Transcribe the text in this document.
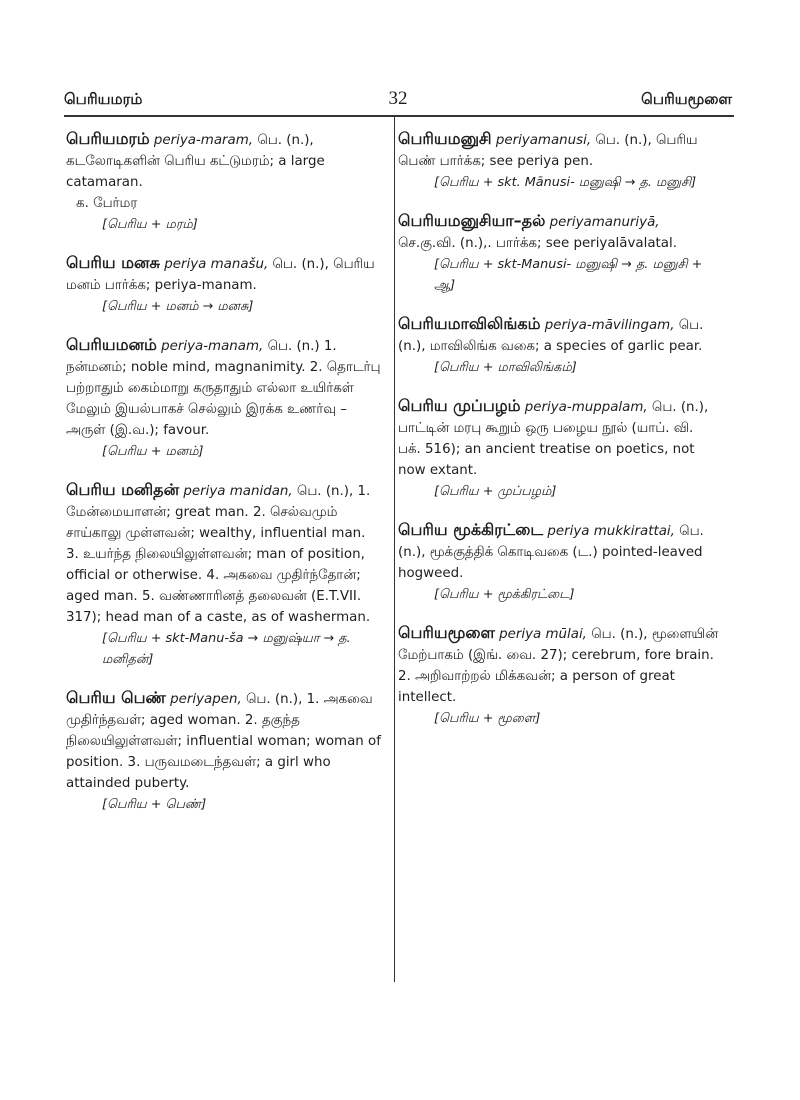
பெரியமரம்	32	பெரியமூளை

பெரியமரம் periya-maram, பெ. (n.), கடலோடிகளின் பெரிய கட்டுமரம்; a large catamaran.

க. பேர்மர

[பெரிய + மரம்]

பெரிய மனசு periya manašu, பெ. (n.), பெரிய மனம் பார்க்க; periya-manam.

[பெரிய + மனம் → மனசு]

பெரியமனம் periya-manam, பெ. (n.) 1. நன்மனம்; noble mind, magnanimity. 2. தொடர்பு பற்றாதும் கைம்மாறு கருதாதும் எல்லா உயிர்கள் மேலும் இயல்பாகச் செல்லும் இரக்க உணர்வு – அருள் (இ.வ.); favour.

[பெரிய + மனம்]

பெரிய மனிதன் periya manidan, பெ. (n.), 1. மேன்மையாளன்; great man. 2. செல்வமும் சாய்காலு முள்ளவன்; wealthy, influential man. 3. உயர்ந்த நிலையிலுள்ளவன்; man of position, official or otherwise. 4. அகவை முதிர்ந்தோன்; aged man. 5. வண்ணாரினத் தலைவன் (E.T.VII. 317); head man of a caste, as of washerman.

[பெரிய + skt-Manu-ša → மனுஷ்யா → த. மனிதன்]

பெரிய பெண் periyapen, பெ. (n.), 1. அகவை முதிர்ந்தவள்; aged woman. 2. தகுந்த நிலையிலுள்ளவள்; influential woman; woman of position. 3. பருவமடைந்தவள்; a girl who attainded puberty.

[பெரிய + பெண்]

பெரியமனுசி periyamanusi, பெ. (n.), பெரிய பெண் பார்க்க; see periya pen.

[பெரிய + skt. Mānusi- மனுஷி → த. மனுசி]

பெரியமனுசியா–தல் periyamanuriyā, செ.கு.வி. (n.),. பார்க்க; see periyalāvalatal.

[பெரிய + skt-Manusi- மனுஷி → த. மனுசி + ஆ]

பெரியமாவிலிங்கம் periya-māvilingam, பெ. (n.), மாவிலிங்க வகை; a species of garlic pear.

[பெரிய + மாவிலிங்கம்]

பெரிய முப்பழம் periya-muppalam, பெ. (n.), பாட்டின் மரபு கூறும் ஒரு பழைய நூல் (யாப். வி. பக். 516); an ancient treatise on poetics, not now extant.

[பெரிய + முப்பழம்]

பெரிய மூக்கிரட்டை periya mukkirattai, பெ. (n.), மூக்குத்திக் கொடிவகை (ட.) pointed-leaved hogweed.

[பெரிய + மூக்கிரட்டை]

பெரியமூளை periya mūlai, பெ. (n.), மூளையின் மேற்பாகம் (இங். வை. 27); cerebrum, fore brain. 2. அறிவாற்றல் மிக்கவன்; a person of great intellect.

[பெரிய + மூளை]
